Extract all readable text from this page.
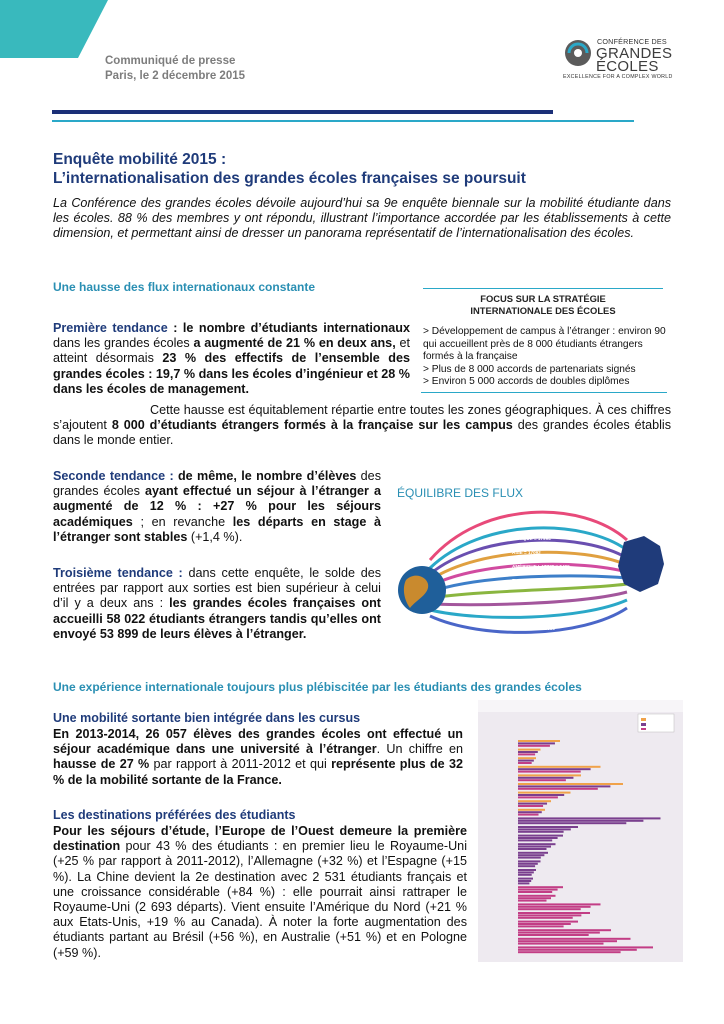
Communiqué de presse
Paris, le 2 décembre 2015
CONFÉRENCE DES
GRANDES
ÉCOLES
EXCELLENCE FOR A COMPLEX WORLD
Enquête mobilité 2015 :
L’internationalisation des grandes écoles françaises se poursuit

La Conférence des grandes écoles dévoile aujourd’hui sa 9e enquête biennale sur la mobilité étudiante dans les écoles. 88 % des membres y ont répondu, illustrant l’importance accordée par les établissements à cette dimension, et permettant ainsi de dresser un panorama représentatif de l’internationalisation des écoles.

Une hausse des flux internationaux constante
FOCUS SUR LA STRATÉGIE
INTERNATIONALE DES ÉCOLES
> Développement de campus à l’étranger : environ 90 qui accueillent près de 8 000 étudiants étrangers formés à la française
> Plus de 8 000 accords de partenariats signés
> Environ 5 000 accords de doubles diplômes

Première tendance : le nombre d’étudiants internationaux dans les grandes écoles a augmenté de 21 % en deux ans, et atteint désormais 23 % des effectifs de l’ensemble des grandes écoles : 19,7 % dans les écoles d’ingénieur et 28 % dans les écoles de management.

Cette hausse est équitablement répartie entre toutes les zones géographiques. À ces chiffres s’ajoutent 8 000 d’étudiants étrangers formés à la française sur les campus des grandes écoles établis dans le monde entier.

Seconde tendance : de même, le nombre d’élèves des grandes écoles ayant effectué un séjour à l’étranger a augmenté de 12 % : +27 % pour les séjours académiques ; en revanche les départs en stage à l’étranger sont stables (+1,4 %).

Troisième tendance : dans cette enquête, le solde des entrées par rapport aux sorties est bien supérieur à celui d’il y a deux ans : les grandes écoles françaises ont accueilli 58 022 étudiants étrangers tandis qu’elles ont envoyé 53 899 de leurs élèves à l’étranger.

ÉQUILIBRE DES FLUX
ENTRANTS = 58022
AFRIQUE = 17994
ASIE = 17092
AMÉRIQUE LATINE = 5409
EUROPE DE L'OUEST = 10721
AMÉRIQUE DU NORD = 2888
SORTANTS = 53899
Une expérience internationale toujours plus plébiscitée par les étudiants des grandes écoles
Une mobilité sortante bien intégrée dans les cursus

En 2013-2014, 26 057 élèves des grandes écoles ont effectué un séjour académique dans une université à l’étranger. Un chiffre en hausse de 27 % par rapport à 2011-2012 et qui représente plus de 32 % de la mobilité sortante de la France.

Les destinations préférées des étudiants

Pour les séjours d’étude, l’Europe de l’Ouest demeure la première destination pour 43 % des étudiants : en premier lieu le Royaume-Uni (+25 % par rapport à 2011-2012), l’Allemagne (+32 %) et l’Espagne (+15 %). La Chine devient la 2e destination avec 2 531 étudiants français et une croissance considérable (+84 %) : elle pourrait ainsi rattraper le Royaume-Uni (2 693 départs). Vient ensuite l’Amérique du Nord (+21 % aux Etats-Unis, +19 % au Canada). À noter la forte augmentation des étudiants partant au Brésil (+56 %), en Australie (+51 %) et en Pologne (+59 %).
